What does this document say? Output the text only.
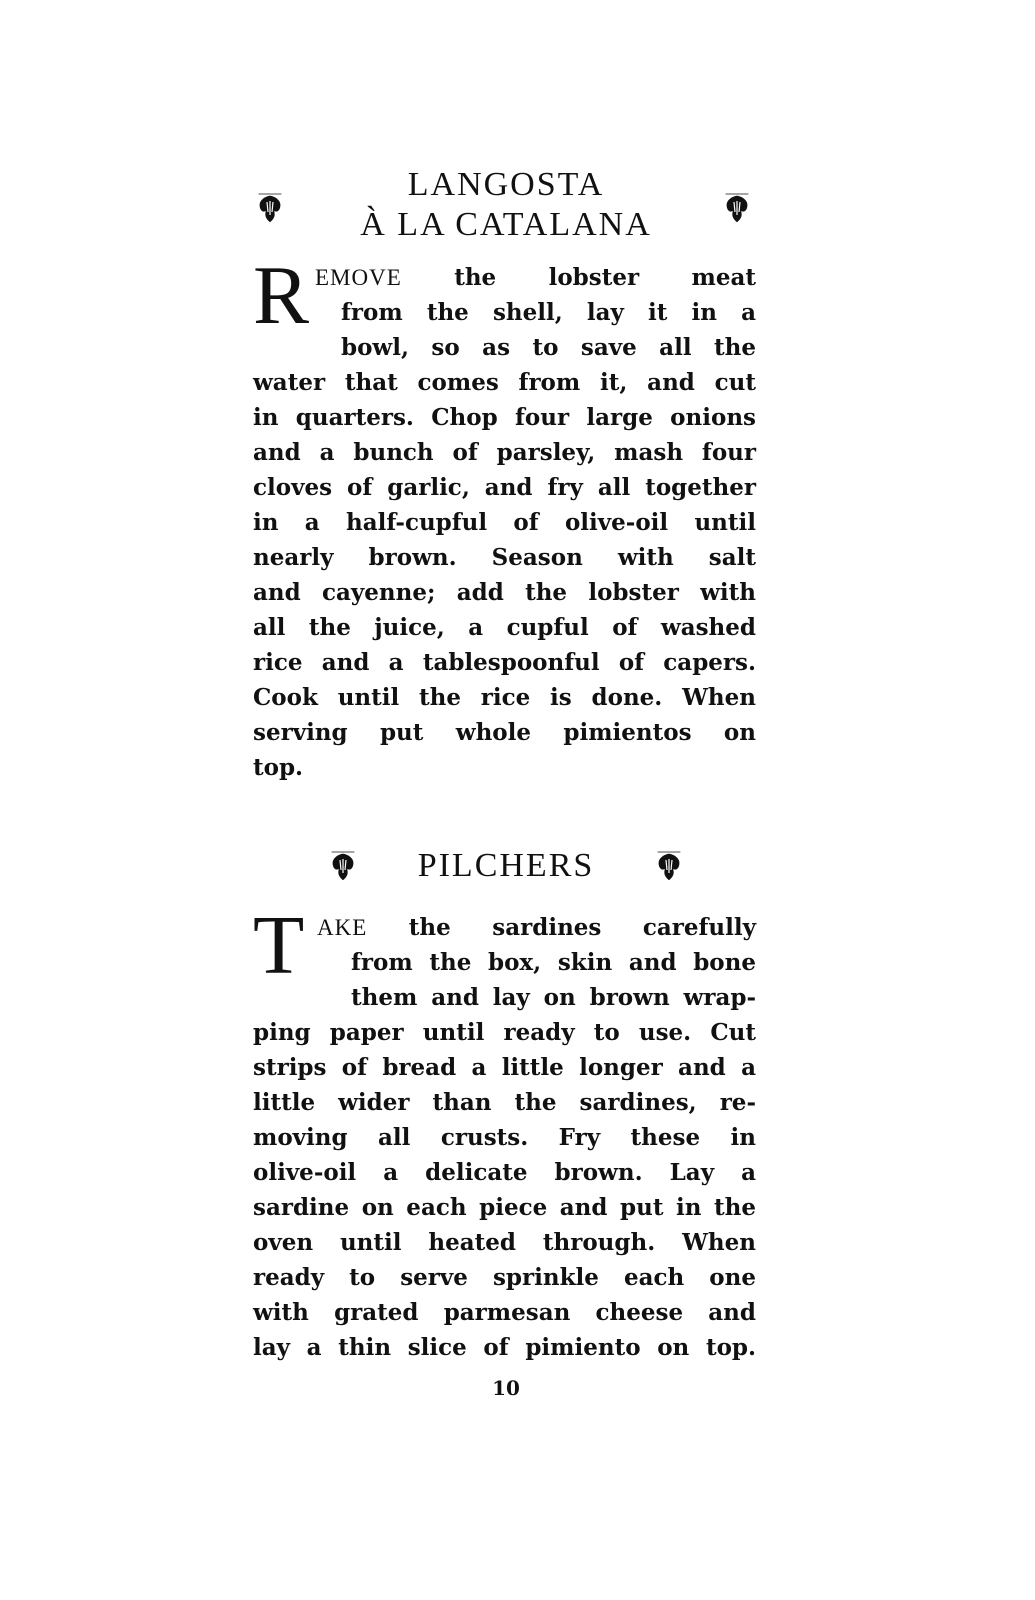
LANGOSTA
À LA CATALANA
R EMOVE the lobster meat
from the shell, lay it in a
bowl, so as to save all the
water that comes from it, and cut
in quarters. Chop four large onions
and a bunch of parsley, mash four
cloves of garlic, and fry all together
in a half-cupful of olive-oil until
nearly brown. Season with salt
and cayenne; add the lobster with
all the juice, a cupful of washed
rice and a tablespoonful of capers.
Cook until the rice is done. When
serving put whole pimientos on
top.
PILCHERS
T AKE the sardines carefully
from the box, skin and bone
them and lay on brown wrap-
ping paper until ready to use. Cut
strips of bread a little longer and a
little wider than the sardines, re-
moving all crusts. Fry these in
olive-oil a delicate brown. Lay a
sardine on each piece and put in the
oven until heated through. When
ready to serve sprinkle each one
with grated parmesan cheese and
lay a thin slice of pimiento on top.
10
